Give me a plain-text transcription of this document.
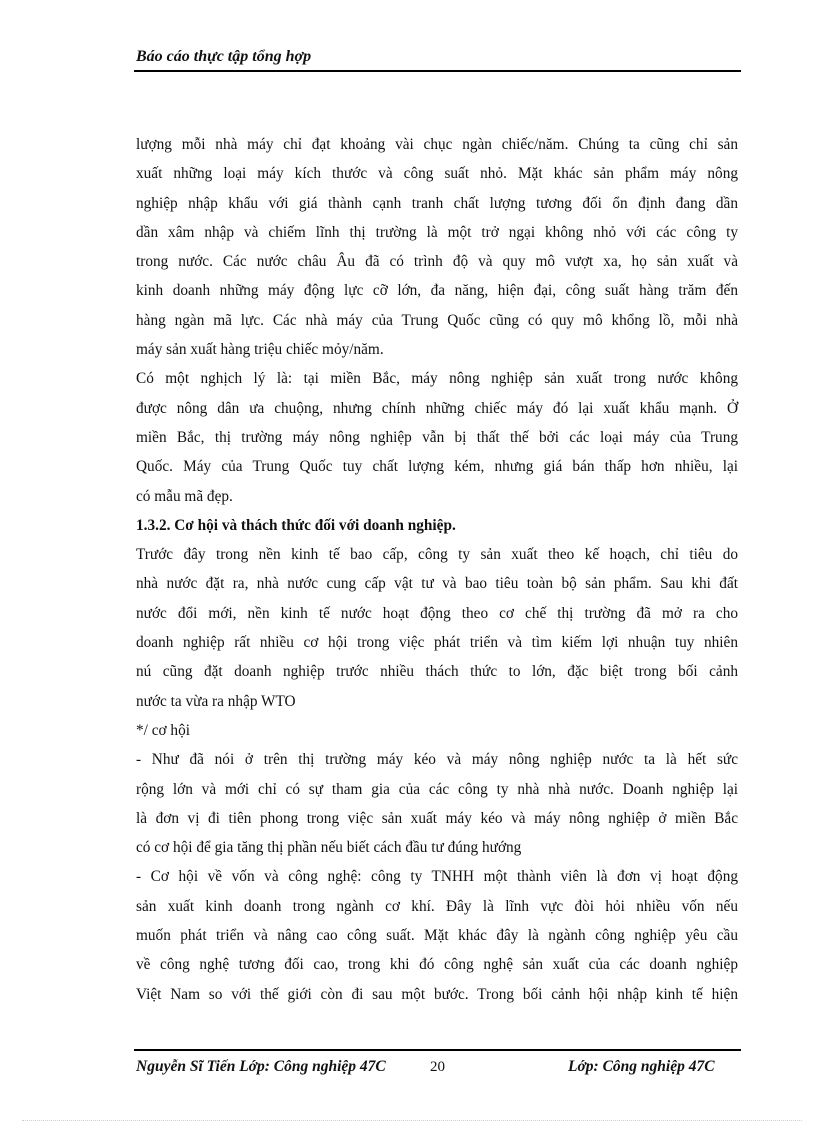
Báo cáo thực tập tổng hợp
lượng mỗi nhà máy chỉ đạt khoảng vài chục ngàn chiếc/năm. Chúng ta cũng chỉ sản
xuất những loại máy kích thước và công suất nhỏ. Mặt khác sản phẩm máy nông
nghiệp nhập khẩu với giá thành cạnh tranh chất lượng tương đối ổn định đang dần
dần xâm nhập và chiếm lĩnh thị trường là một trở ngại không nhỏ với các công ty
trong nước. Các nước châu Âu đã có trình độ và quy mô vượt xa, họ sản xuất và
kinh doanh những máy động lực cỡ lớn, đa năng, hiện đại, công suất hàng trăm đến
hàng ngàn mã lực. Các nhà máy của Trung Quốc cũng có quy mô khổng lồ, mỗi nhà
máy sản xuất hàng triệu chiếc mỏy/năm.
Có một nghịch lý là: tại miền Bắc, máy nông nghiệp sản xuất trong nước không
được nông dân ưa chuộng, nhưng chính những chiếc máy đó lại xuất khẩu mạnh. Ở
miền Bắc, thị trường máy nông nghiệp vẫn bị thất thế bởi các loại máy của Trung
Quốc. Máy của Trung Quốc tuy chất lượng kém, nhưng giá bán thấp hơn nhiều, lại
có mẫu mã đẹp.
1.3.2. Cơ hội và thách thức đối với doanh nghiệp.
Trước đây trong nền kinh tế bao cấp, công ty sản xuất theo kế hoạch, chỉ tiêu do
nhà nước đặt ra, nhà nước cung cấp vật tư và bao tiêu toàn bộ sản phẩm. Sau khi đất
nước đổi mới, nền kinh tế nước hoạt động theo cơ chế thị trường đã mở ra cho
doanh nghiệp rất nhiều cơ hội trong việc phát triển và tìm kiếm lợi nhuận tuy nhiên
nú cũng đặt doanh nghiệp trước nhiều thách thức to lớn, đặc biệt trong bối cảnh
nước ta vừa ra nhập WTO
*/ cơ hội
- Như đã nói ở trên thị trường máy kéo và máy nông nghiệp nước ta là hết sức
rộng lớn và mới chỉ có sự tham gia của các công ty nhà nhà nước. Doanh nghiệp lại
là đơn vị đi tiên phong trong việc sản xuất máy kéo và máy nông nghiệp ở miền Bắc
có cơ hội để gia tăng thị phần nếu biết cách đầu tư đúng hướng
- Cơ hội về vốn và công nghệ: công ty TNHH một thành viên là đơn vị hoạt động
sản xuất kinh doanh trong ngành cơ khí. Đây là lĩnh vực đòi hỏi nhiều vốn nếu
muốn phát triển và nâng cao công suất. Mặt khác đây là ngành công nghiệp yêu cầu
về công nghệ tương đối cao, trong khi đó công nghệ sản xuất của các doanh nghiệp
Việt Nam so với thế giới còn đi sau một bước. Trong bối cảnh hội nhập kinh tế hiện
Nguyễn Sĩ Tiến Lớp: Công nghiệp 47C	20	Lớp: Công nghiệp 47C
